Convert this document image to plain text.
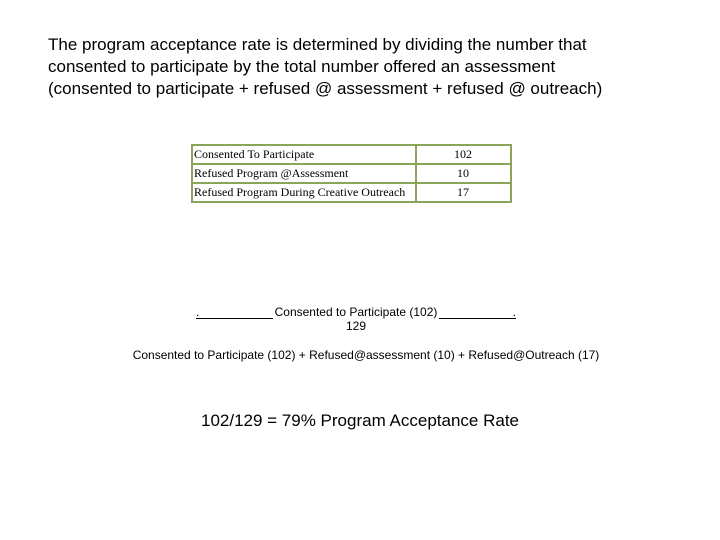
The program acceptance rate is determined by dividing the number that

consented to participate by the total number offered an assessment

(consented to participate + refused @ assessment + refused @ outreach)

Consented To Participate	102
Refused Program @Assessment	10
Refused Program During Creative Outreach	17
.	Consented to Participate (102)	.
129
Consented to Participate (102) + Refused@assessment (10) + Refused@Outreach (17)
102/129 = 79% Program Acceptance Rate
